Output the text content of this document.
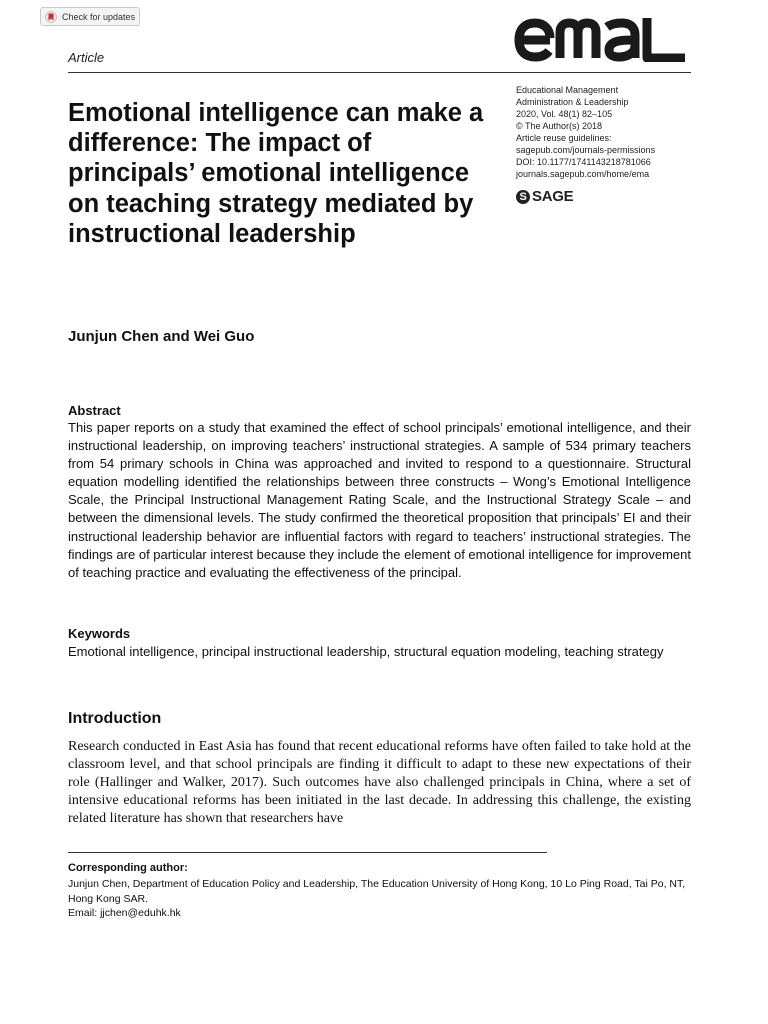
Check for updates
Article
Emotional intelligence can make a difference: The impact of principals’ emotional intelligence on teaching strategy mediated by instructional leadership
Educational Management
Administration & Leadership
2020, Vol. 48(1) 82–105
© The Author(s) 2018
Article reuse guidelines:
sagepub.com/journals-permissions
DOI: 10.1177/1741143218781066
journals.sagepub.com/home/ema
S SAGE

Junjun Chen and Wei Guo

Abstract

This paper reports on a study that examined the effect of school principals’ emotional intelligence, and their instructional leadership, on improving teachers’ instructional strategies. A sample of 534 primary teachers from 54 primary schools in China was approached and invited to respond to a questionnaire. Structural equation modelling identified the relationships between three constructs – Wong’s Emotional Intelligence Scale, the Principal Instructional Management Rating Scale, and the Instructional Strategy Scale – and between the dimensional levels. The study confirmed the theoretical proposition that principals’ EI and their instructional leadership behavior are influential factors with regard to teachers’ instructional strategies. The findings are of particular interest because they include the element of emotional intelligence for improvement of teaching practice and evaluating the effectiveness of the principal.

Keywords

Emotional intelligence, principal instructional leadership, structural equation modeling, teaching strategy

Introduction

Research conducted in East Asia has found that recent educational reforms have often failed to take hold at the classroom level, and that school principals are finding it difficult to adapt to these new expectations of their role (Hallinger and Walker, 2017). Such outcomes have also challenged principals in China, where a set of intensive educational reforms has been initiated in the last decade. In addressing this challenge, the existing related literature has shown that researchers have

Corresponding author:

Junjun Chen, Department of Education Policy and Leadership, The Education University of Hong Kong, 10 Lo Ping Road, Tai Po, NT, Hong Kong SAR.
Email: jjchen@eduhk.hk
